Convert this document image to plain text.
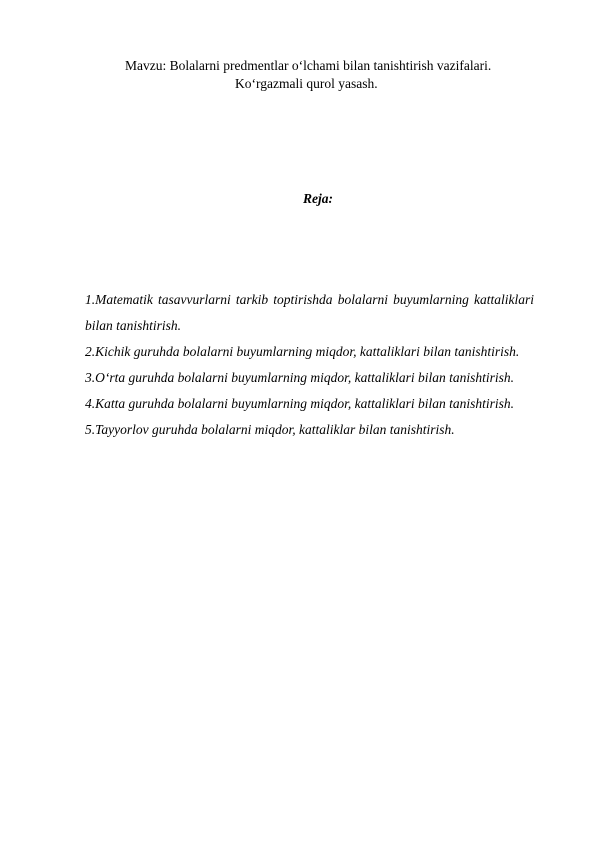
Mavzu: Bolalarni predmentlar o‘lchami bilan tanishtirish vazifalari.
Ko‘rgazmali qurol yasash.
Reja:

1.Matematik tasavvurlarni tarkib toptirishda bolalarni buyumlarning kattaliklari bilan tanishtirish.

2.Kichik guruhda bolalarni buyumlarning miqdor, kattaliklari bilan tanishtirish.

3.O‘rta guruhda bolalarni buyumlarning miqdor, kattaliklari bilan tanishtirish.

4.Katta guruhda bolalarni buyumlarning miqdor, kattaliklari bilan tanishtirish.

5.Tayyorlov guruhda bolalarni miqdor, kattaliklar bilan tanishtirish.
